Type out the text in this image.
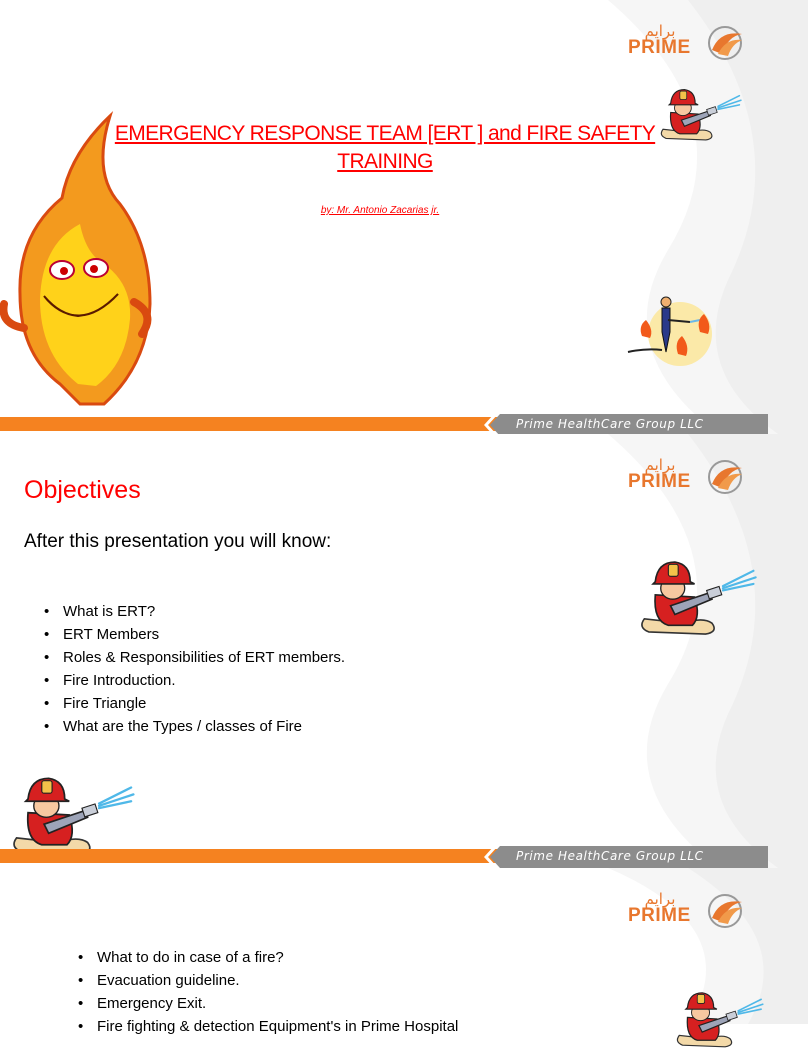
برايم
PRIME
EMERGENCY RESPONSE TEAM [ERT ] and FIRE SAFETY
TRAINING
by: Mr. Antonio Zacarias jr.
Prime HealthCare Group LLC
برايم
PRIME
Objectives
After this presentation you will know:
• What is ERT?
• ERT Members
• Roles & Responsibilities of ERT members.
• Fire Introduction.
• Fire Triangle
• What are the Types / classes of Fire
Prime HealthCare Group LLC
برايم
PRIME
• What to do in case of a fire?
• Evacuation guideline.
• Emergency Exit.
• Fire fighting & detection Equipment's in Prime Hospital
